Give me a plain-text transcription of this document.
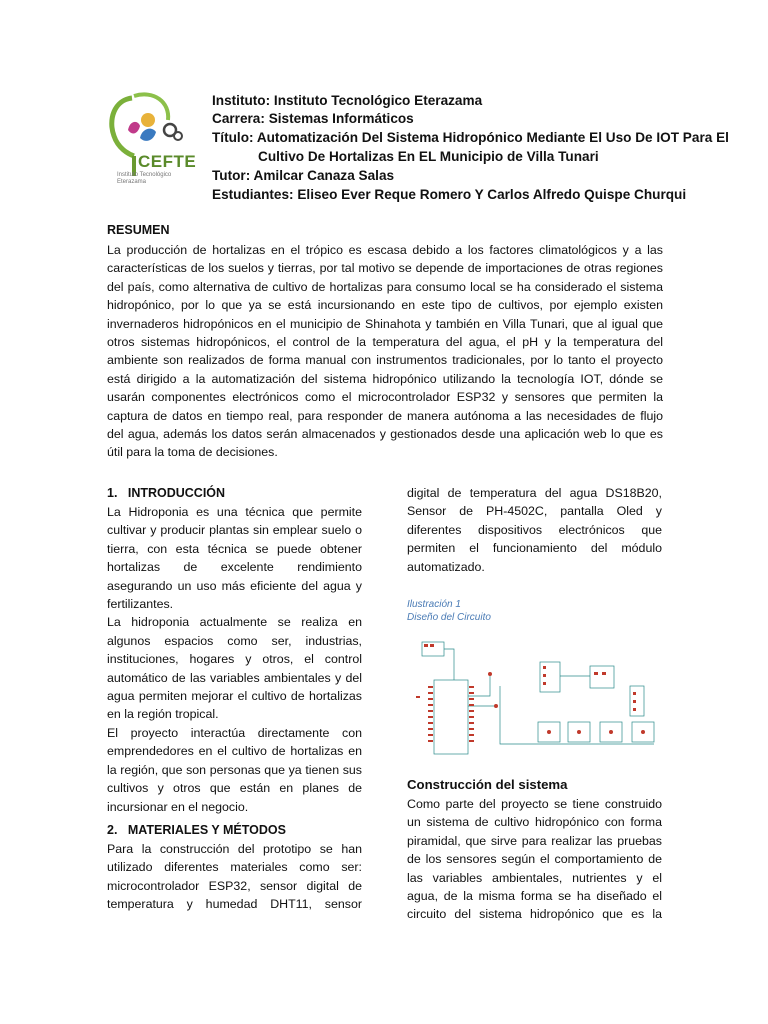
CEFTE
Instituto Tecnológico Eterazama
Instituto: Instituto Tecnológico Eterazama
Carrera: Sistemas Informáticos
Título: Automatización Del Sistema Hidropónico Mediante El Uso De IOT Para El
Cultivo De Hortalizas En EL Municipio de Villa Tunari
Tutor: Amilcar Canaza Salas
Estudiantes: Eliseo Ever Reque Romero Y Carlos Alfredo Quispe Churqui
RESUMEN
La producción de hortalizas en el trópico es escasa debido a los factores climatológicos y a las
características de los suelos y tierras, por tal motivo se depende de importaciones de otras regiones
del país, como alternativa de cultivo de hortalizas para consumo local se ha considerado el sistema
hidropónico, por lo que ya se está incursionando en este tipo de cultivos, por ejemplo existen
invernaderos hidropónicos en el municipio de Shinahota y también en Villa Tunari, que al igual que
otros sistemas hidropónicos, el control de la temperatura del agua, el pH y la temperatura del
ambiente son realizados de forma manual con instrumentos tradicionales, por lo tanto el proyecto
está dirigido a la automatización del sistema hidropónico utilizando la tecnología IOT, dónde se
usarán componentes electrónicos como el microcontrolador ESP32 y sensores que permiten la
captura de datos en tiempo real, para responder de manera autónoma a las necesidades de flujo
del agua, además los datos serán almacenados y gestionados desde una aplicación web lo que es
útil para la toma de decisiones.
1.   INTRODUCCIÓN
La Hidroponia es una técnica que permite
cultivar y producir plantas sin emplear suelo o
tierra, con esta técnica se puede obtener
hortalizas de excelente rendimiento
asegurando un uso más eficiente del agua y
fertilizantes.
La hidroponia actualmente se realiza en
algunos espacios como ser, industrias,
instituciones, hogares y otros, el control
automático de las variables ambientales y del
agua permiten mejorar el cultivo de hortalizas
en la región tropical.
El proyecto interactúa directamente con
emprendedores en el cultivo de hortalizas en
la región, que son personas que ya tienen sus
cultivos y otros que están en planes de
incursionar en el negocio.
2.   MATERIALES Y MÉTODOS
Para la construcción del prototipo se han
utilizado diferentes materiales como ser:
microcontrolador ESP32, sensor digital de
temperatura y humedad DHT11, sensor
digital de temperatura del agua DS18B20,
Sensor de PH-4502C, pantalla Oled y
diferentes dispositivos electrónicos que
permiten el funcionamiento del módulo
automatizado.
Ilustración 1
Diseño del Circuito
Construcción del sistema
Como parte del proyecto se tiene construido
un sistema de cultivo hidropónico con forma
piramidal, que sirve para realizar las pruebas
de los sensores según el comportamiento de
las variables ambientales, nutrientes y el
agua, de la misma forma se ha diseñado el
circuito del sistema hidropónico que es la
